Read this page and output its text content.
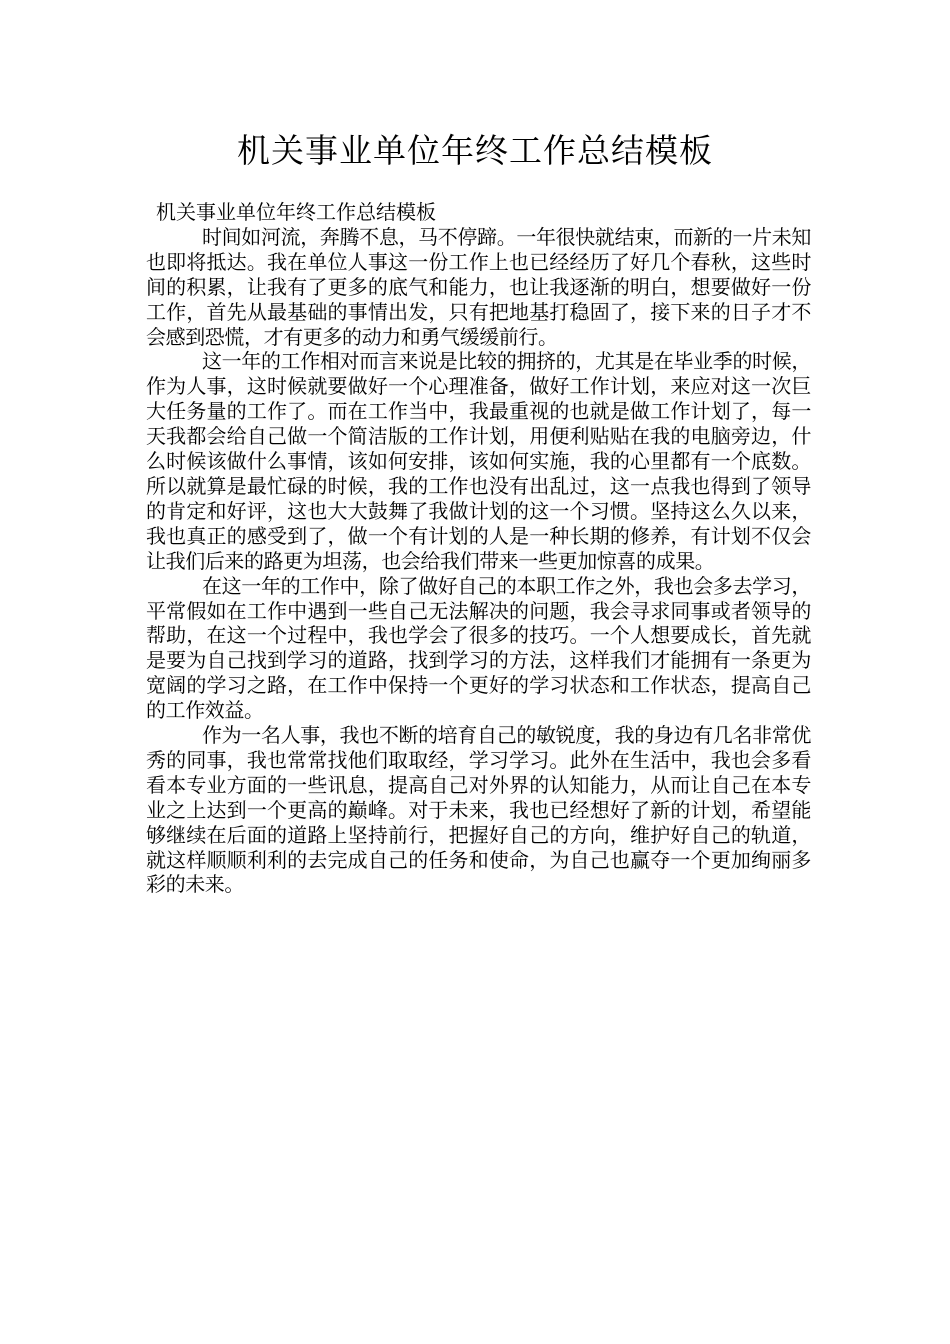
机关事业单位年终工作总结模板

机关事业单位年终工作总结模板

时间如河流，奔腾不息，马不停蹄。一年很快就结束，而新的一片未知也即将抵达。我在单位人事这一份工作上也已经经历了好几个春秋，这些时间的积累，让我有了更多的底气和能力，也让我逐渐的明白，想要做好一份工作，首先从最基础的事情出发，只有把地基打稳固了，接下来的日子才不会感到恐慌，才有更多的动力和勇气缓缓前行。

这一年的工作相对而言来说是比较的拥挤的，尤其是在毕业季的时候，作为人事，这时候就要做好一个心理准备，做好工作计划，来应对这一次巨大任务量的工作了。而在工作当中，我最重视的也就是做工作计划了，每一天我都会给自己做一个简洁版的工作计划，用便利贴贴在我的电脑旁边，什么时候该做什么事情，该如何安排，该如何实施，我的心里都有一个底数。所以就算是最忙碌的时候，我的工作也没有出乱过，这一点我也得到了领导的肯定和好评，这也大大鼓舞了我做计划的这一个习惯。坚持这么久以来，我也真正的感受到了，做一个有计划的人是一种长期的修养，有计划不仅会让我们后来的路更为坦荡，也会给我们带来一些更加惊喜的成果。

在这一年的工作中，除了做好自己的本职工作之外，我也会多去学习，平常假如在工作中遇到一些自己无法解决的问题，我会寻求同事或者领导的帮助，在这一个过程中，我也学会了很多的技巧。一个人想要成长，首先就是要为自己找到学习的道路，找到学习的方法，这样我们才能拥有一条更为宽阔的学习之路，在工作中保持一个更好的学习状态和工作状态，提高自己的工作效益。

作为一名人事，我也不断的培育自己的敏锐度，我的身边有几名非常优秀的同事，我也常常找他们取取经，学习学习。此外在生活中，我也会多看看本专业方面的一些讯息，提高自己对外界的认知能力，从而让自己在本专业之上达到一个更高的巅峰。对于未来，我也已经想好了新的计划，希望能够继续在后面的道路上坚持前行，把握好自己的方向，维护好自己的轨道，就这样顺顺利利的去完成自己的任务和使命，为自己也赢夺一个更加绚丽多彩的未来。
